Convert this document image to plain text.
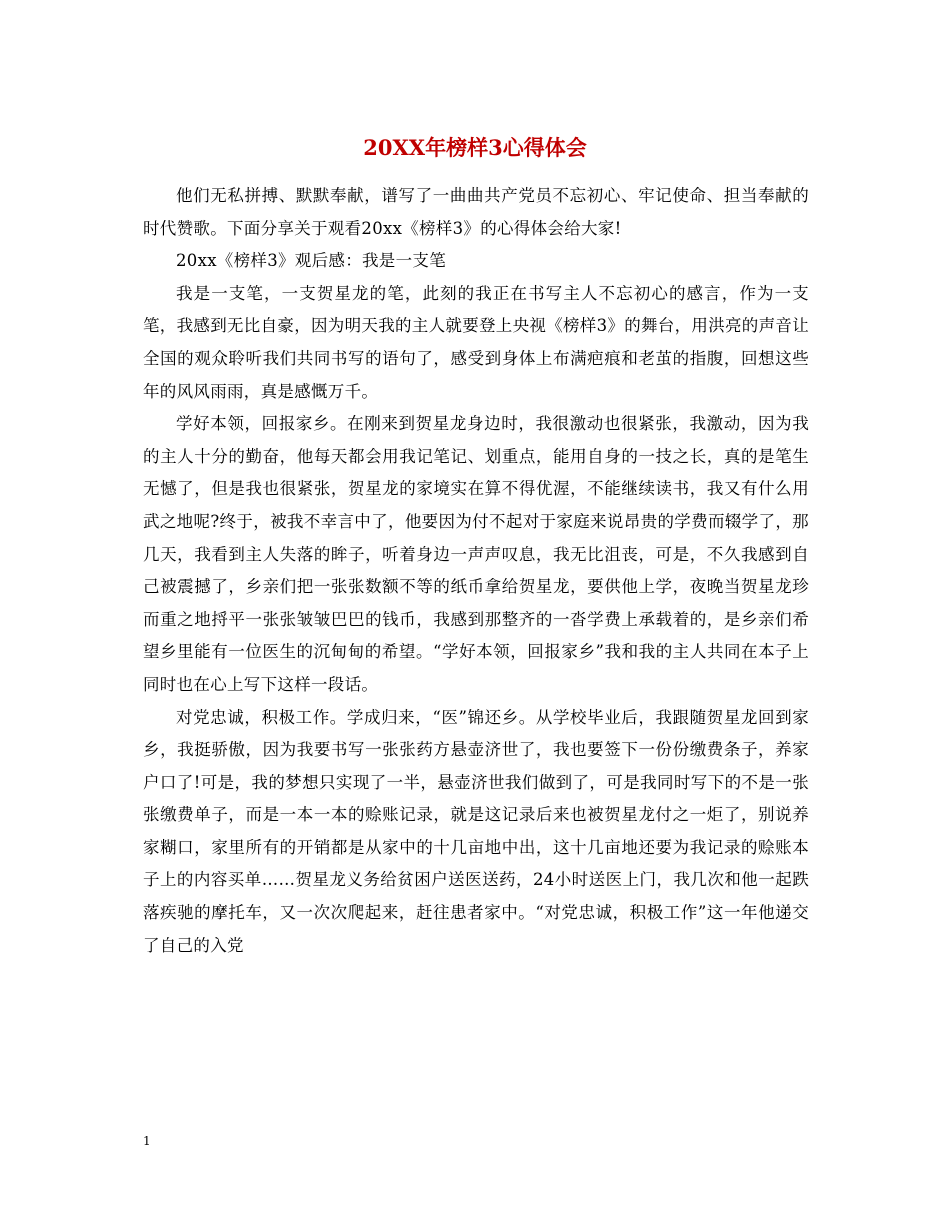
20XX年榜样3心得体会

他们无私拼搏、默默奉献，谱写了一曲曲共产党员不忘初心、牢记使命、担当奉献的时代赞歌。下面分享关于观看20xx《榜样3》的心得体会给大家!

20xx《榜样3》观后感：我是一支笔

我是一支笔，一支贺星龙的笔，此刻的我正在书写主人不忘初心的感言，作为一支笔，我感到无比自豪，因为明天我的主人就要登上央视《榜样3》的舞台，用洪亮的声音让全国的观众聆听我们共同书写的语句了，感受到身体上布满疤痕和老茧的指腹，回想这些年的风风雨雨，真是感慨万千。

学好本领，回报家乡。在刚来到贺星龙身边时，我很激动也很紧张，我激动，因为我的主人十分的勤奋，他每天都会用我记笔记、划重点，能用自身的一技之长，真的是笔生无憾了，但是我也很紧张，贺星龙的家境实在算不得优渥，不能继续读书，我又有什么用武之地呢?终于，被我不幸言中了，他要因为付不起对于家庭来说昂贵的学费而辍学了，那几天，我看到主人失落的眸子，听着身边一声声叹息，我无比沮丧，可是，不久我感到自己被震撼了，乡亲们把一张张数额不等的纸币拿给贺星龙，要供他上学，夜晚当贺星龙珍而重之地捋平一张张皱皱巴巴的钱币，我感到那整齐的一沓学费上承载着的，是乡亲们希望乡里能有一位医生的沉甸甸的希望。“学好本领，回报家乡”我和我的主人共同在本子上同时也在心上写下这样一段话。

对党忠诚，积极工作。学成归来，“医”锦还乡。从学校毕业后，我跟随贺星龙回到家乡，我挺骄傲，因为我要书写一张张药方悬壶济世了，我也要签下一份份缴费条子，养家户口了!可是，我的梦想只实现了一半，悬壶济世我们做到了，可是我同时写下的不是一张张缴费单子，而是一本一本的赊账记录，就是这记录后来也被贺星龙付之一炬了，别说养家糊口，家里所有的开销都是从家中的十几亩地中出，这十几亩地还要为我记录的赊账本子上的内容买单……贺星龙义务给贫困户送医送药，24小时送医上门，我几次和他一起跌落疾驰的摩托车，又一次次爬起来，赶往患者家中。“对党忠诚，积极工作”这一年他递交了自己的入党

1
